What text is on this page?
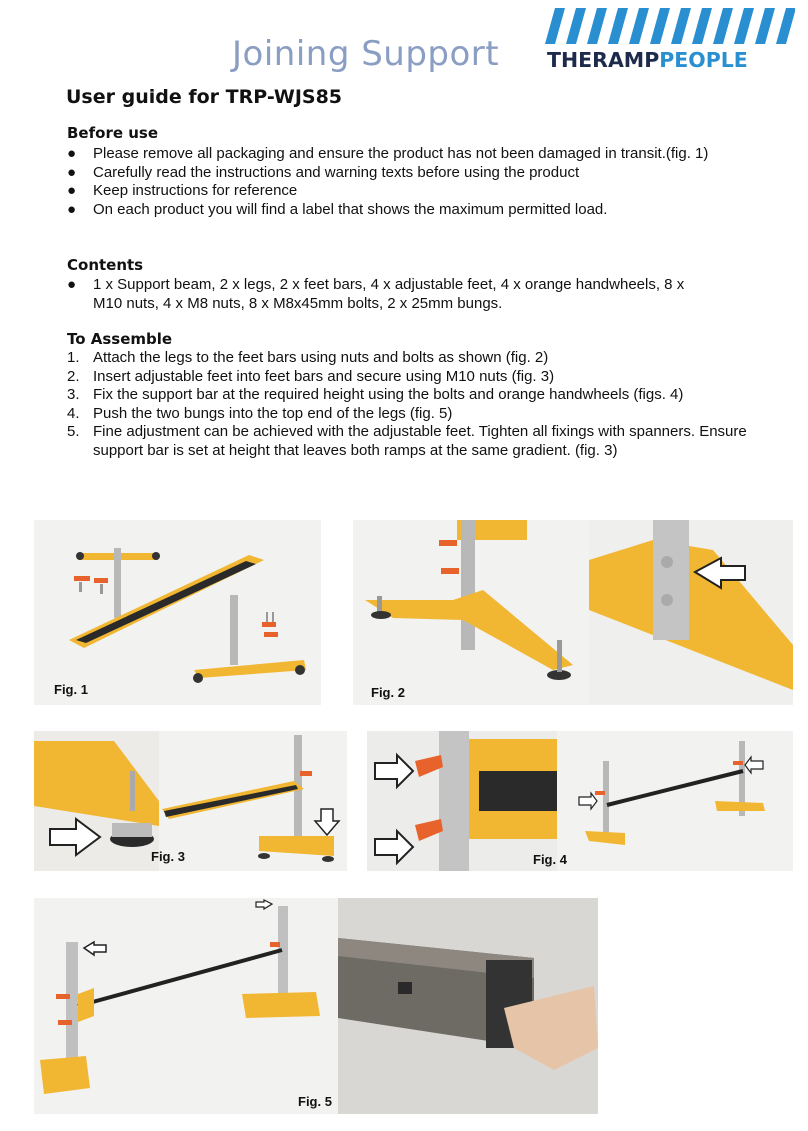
Joining Support THERAMPPEOPLE
User guide for TRP-WJS85
Before use
● Please remove all packaging and ensure the product has not been damaged in transit.(fig. 1)
● Carefully read the instructions and warning texts before using the product
● Keep instructions for reference
● On each product you will find a label that shows the maximum permitted load.
Contents
● 1 x Support beam, 2 x legs, 2 x feet bars, 4 x adjustable feet, 4 x orange handwheels, 8 x M10 nuts, 4 x M8 nuts, 8 x M8x45mm bolts, 2 x 25mm bungs.
To Assemble
1. Attach the legs to the feet bars using nuts and bolts as shown (fig. 2)
2. Insert adjustable feet into feet bars and secure using M10 nuts (fig. 3)
3. Fix the support bar at the required height using the bolts and orange handwheels (figs. 4)
4. Push the two bungs into the top end of the legs (fig. 5)
5. Fine adjustment can be achieved with the adjustable feet. Tighten all fixings with spanners. Ensure support bar is set at height that leaves both ramps at the same gradient. (fig. 3)
Fig. 1	Fig. 2
Fig. 3	Fig. 4
Fig. 5
